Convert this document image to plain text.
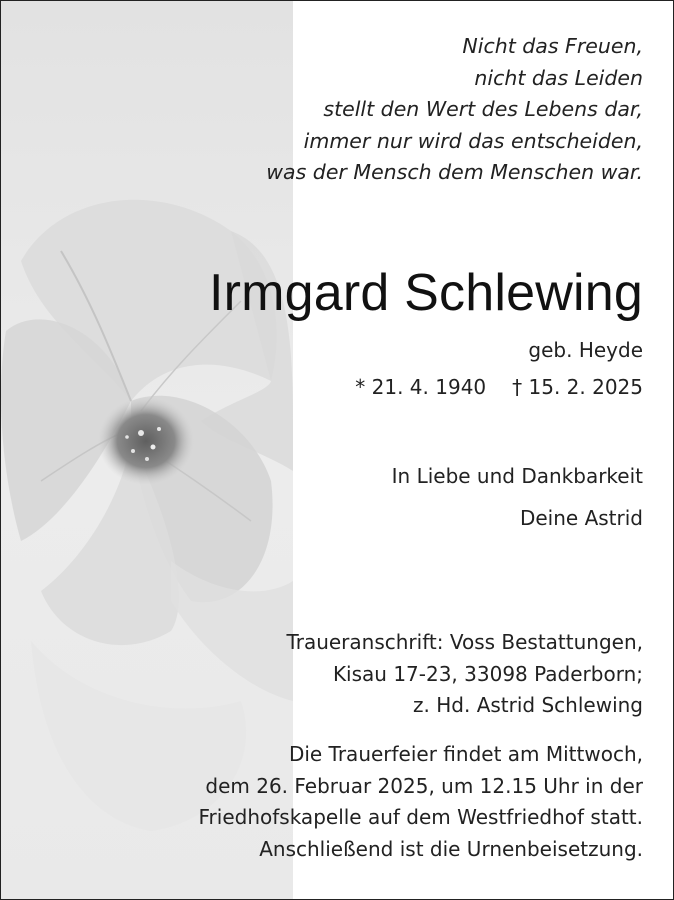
Nicht das Freuen,
nicht das Leiden
stellt den Wert des Lebens dar,
immer nur wird das entscheiden,
was der Mensch dem Menschen war.
Irmgard Schlewing
geb. Heyde
* 21. 4. 1940 † 15. 2. 2025
In Liebe und Dankbarkeit
Deine Astrid
Traueranschrift: Voss Bestattungen,
Kisau 17-23, 33098 Paderborn;
z. Hd. Astrid Schlewing
Die Trauerfeier findet am Mittwoch,
dem 26. Februar 2025, um 12.15 Uhr in der
Friedhofskapelle auf dem Westfriedhof statt.
Anschließend ist die Urnenbeisetzung.
